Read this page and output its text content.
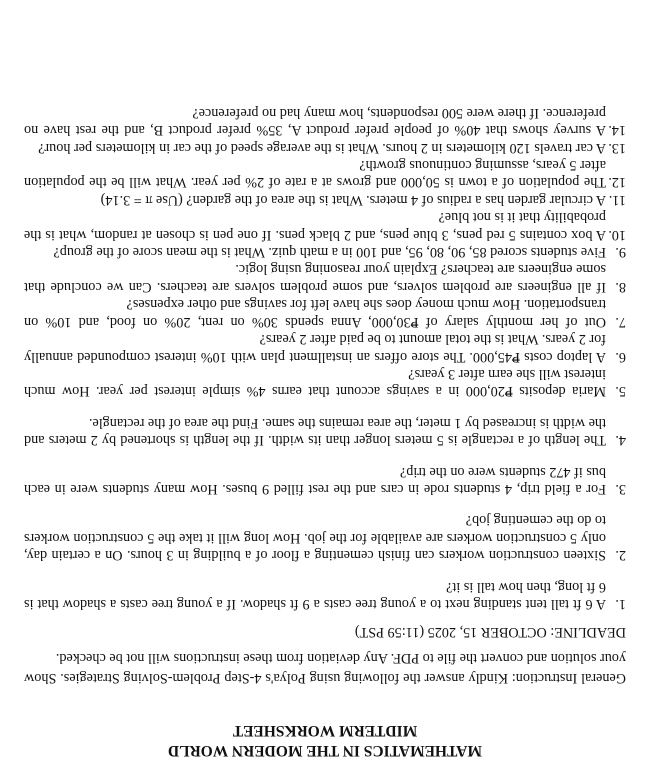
MATHEMATICS IN THE MODERN WORLD
MIDTERM WORKSHEET
General Instruction: Kindly answer the following using Polya's 4-Step Problem-Solving Strategies. Show your solution and convert the file to PDF. Any deviation from these instructions will not be checked.
DEADLINE: OCTOBER 15, 2025 (11:59 PST)
1.
A 6 ft tall tent standing next to a young tree casts a 9 ft shadow. If a young tree casts a shadow that is 6 ft long, then how tall is it?
2.
Sixteen construction workers can finish cementing a floor of a building in 3 hours. On a certain day, only 5 construction workers are available for the job. How long will it take the 5 construction workers to do the cementing job?
3.
For a field trip, 4 students rode in cars and the rest filled 9 buses. How many students were in each bus if 472 students were on the trip?
4.
The length of a rectangle is 5 meters longer than its width. If the length is shortened by 2 meters and the width is increased by 1 meter, the area remains the same. Find the area of the rectangle.
5.
Maria deposits ₱20,000 in a savings account that earns 4% simple interest per year. How much interest will she earn after 3 years?
6.
A laptop costs ₱45,000. The store offers an installment plan with 10% interest compounded annually for 2 years. What is the total amount to be paid after 2 years?
7.
Out of her monthly salary of ₱30,000, Anna spends 30% on rent, 20% on food, and 10% on transportation. How much money does she have left for savings and other expenses?
8.
If all engineers are problem solvers, and some problem solvers are teachers. Can we conclude that some engineers are teachers? Explain your reasoning using logic.
9.
Five students scored 85, 90, 80, 95, and 100 in a math quiz. What is the mean score of the group?
10.
A box contains 5 red pens, 3 blue pens, and 2 black pens. If one pen is chosen at random, what is the probability that it is not blue?
11.
A circular garden has a radius of 4 meters. What is the area of the garden? (Use π = 3.14)
12.
The population of a town is 50,000 and grows at a rate of 2% per year. What will be the population after 5 years, assuming continuous growth?
13.
A car travels 120 kilometers in 2 hours. What is the average speed of the car in kilometers per hour?
14.
A survey shows that 40% of people prefer product A, 35% prefer product B, and the rest have no preference. If there were 500 respondents, how many had no preference?
